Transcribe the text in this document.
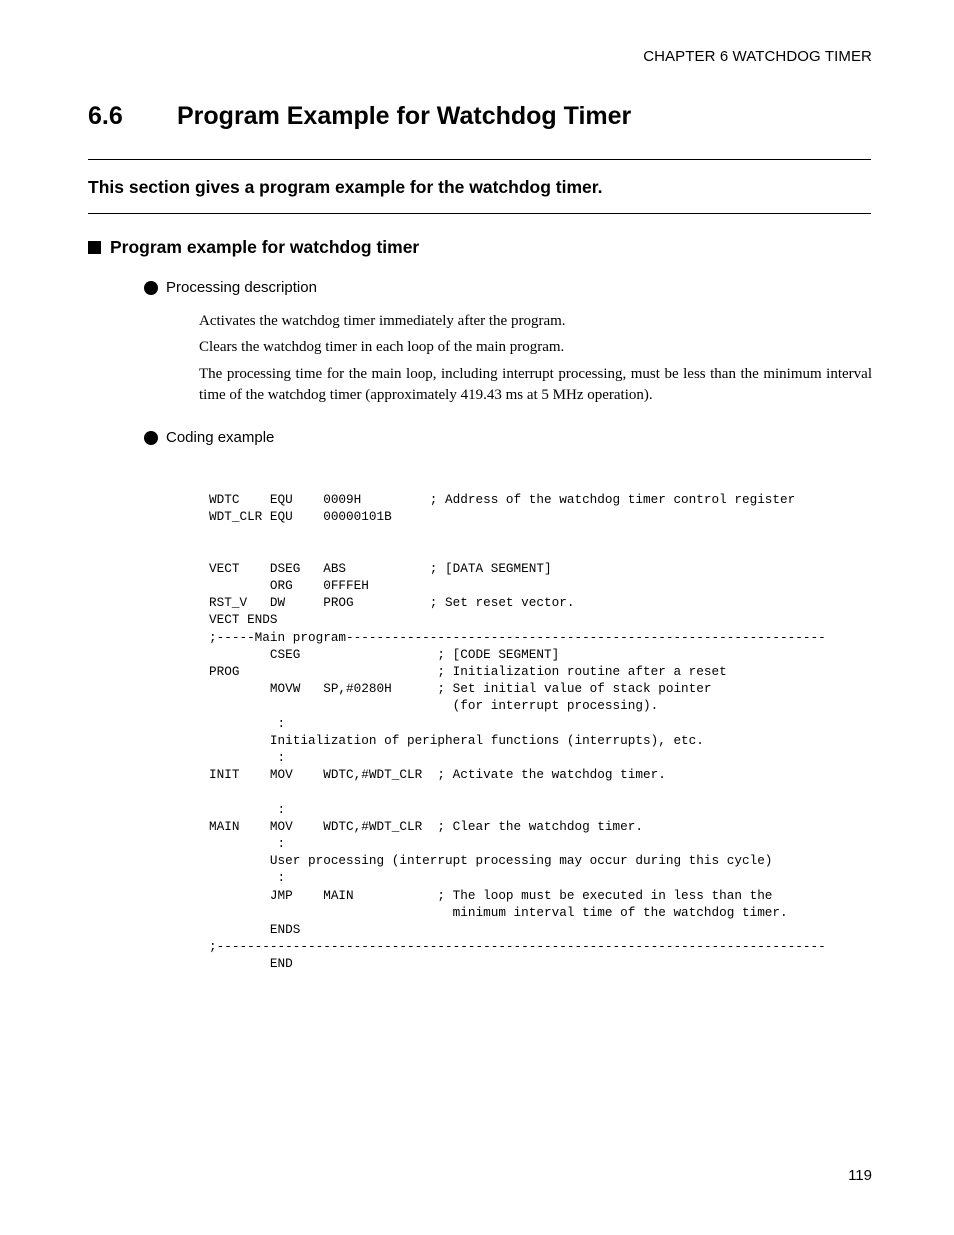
CHAPTER 6 WATCHDOG TIMER
6.6 Program Example for Watchdog Timer
This section gives a program example for the watchdog timer.
Program example for watchdog timer
Processing description
Activates the watchdog timer immediately after the program.
Clears the watchdog timer in each loop of the main program.
The processing time for the main loop, including interrupt processing, must be less than the minimum interval time of the watchdog timer (approximately 419.43 ms at 5 MHz operation).
Coding example
WDTC    EQU    0009H         ; Address of the watchdog timer control register
WDT_CLR EQU    00000101B

VECT    DSEG   ABS           ; [DATA SEGMENT]
ORG    0FFFEH
RST_V   DW     PROG          ; Set reset vector.
VECT ENDS
;-----Main program---------------------------------------------------------------
CSEG                  ; [CODE SEGMENT]
PROG                          ; Initialization routine after a reset
MOVW   SP,#0280H      ; Set initial value of stack pointer
(for interrupt processing).
:
Initialization of peripheral functions (interrupts), etc.
:
INIT    MOV    WDTC,#WDT_CLR  ; Activate the watchdog timer.

:
MAIN    MOV    WDTC,#WDT_CLR  ; Clear the watchdog timer.
:
User processing (interrupt processing may occur during this cycle)
:
JMP    MAIN           ; The loop must be executed in less than the
minimum interval time of the watchdog timer.
ENDS
;--------------------------------------------------------------------------------
END

119
